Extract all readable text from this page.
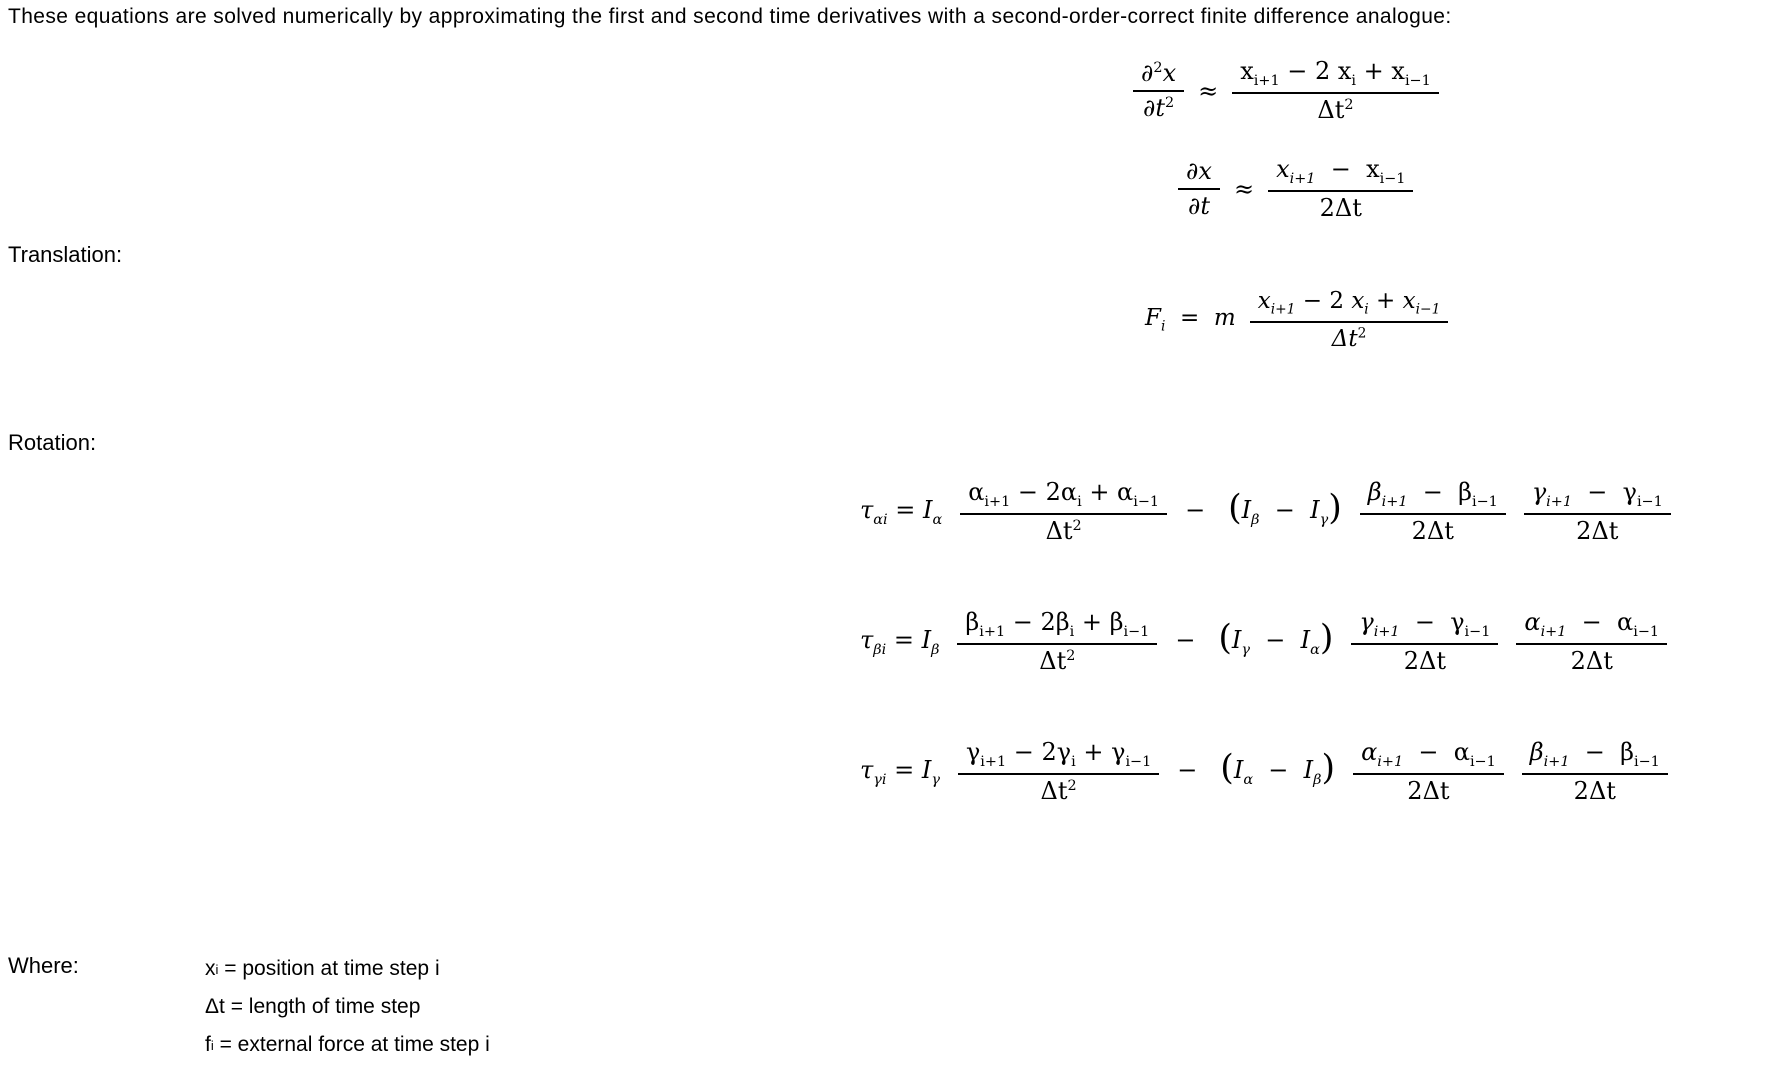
These equations are solved numerically by approximating the first and second time derivatives with a second-order-correct finite difference analogue:
$\frac{\partial^2x}{\partial t^2} \approx \frac{x_{i+1} - 2 x_i + x_{i-1}}{\Delta t^2}$
$\frac{\partial x}{\partial t} \approx \frac{x_{i+1} - x_{i-1}}{2\Delta t}$
Translation:
$F_i = m \frac{x_{i+1} - 2 x_i + x_{i-1}}{\Delta t^2}$
Rotation:
$\tau_{\alpha i} = I_\alpha \frac{\alpha_{i+1} - 2\alpha_i + \alpha_{i-1}}{\Delta t^2} - (I_\beta - I_\gamma) \frac{\beta_{i+1} - \beta_{i-1}}{2\Delta t} \frac{\gamma_{i+1} - \gamma_{i-1}}{2\Delta t}$
$\tau_{\beta i} = I_\beta \frac{\beta_{i+1} - 2\beta_i + \beta_{i-1}}{\Delta t^2} - (I_\gamma - I_\alpha) \frac{\gamma_{i+1} - \gamma_{i-1}}{2\Delta t} \frac{\alpha_{i+1} - \alpha_{i-1}}{2\Delta t}$
$\tau_{\gamma i} = I_\gamma \frac{\gamma_{i+1} - 2\gamma_i + \gamma_{i-1}}{\Delta t^2} - (I_\alpha - I_\beta) \frac{\alpha_{i+1} - \alpha_{i-1}}{2\Delta t} \frac{\beta_{i+1} - \beta_{i-1}}{2\Delta t}$
Where:	x i = position at time step i
Δt = length of time step
f i = external force at time step i
